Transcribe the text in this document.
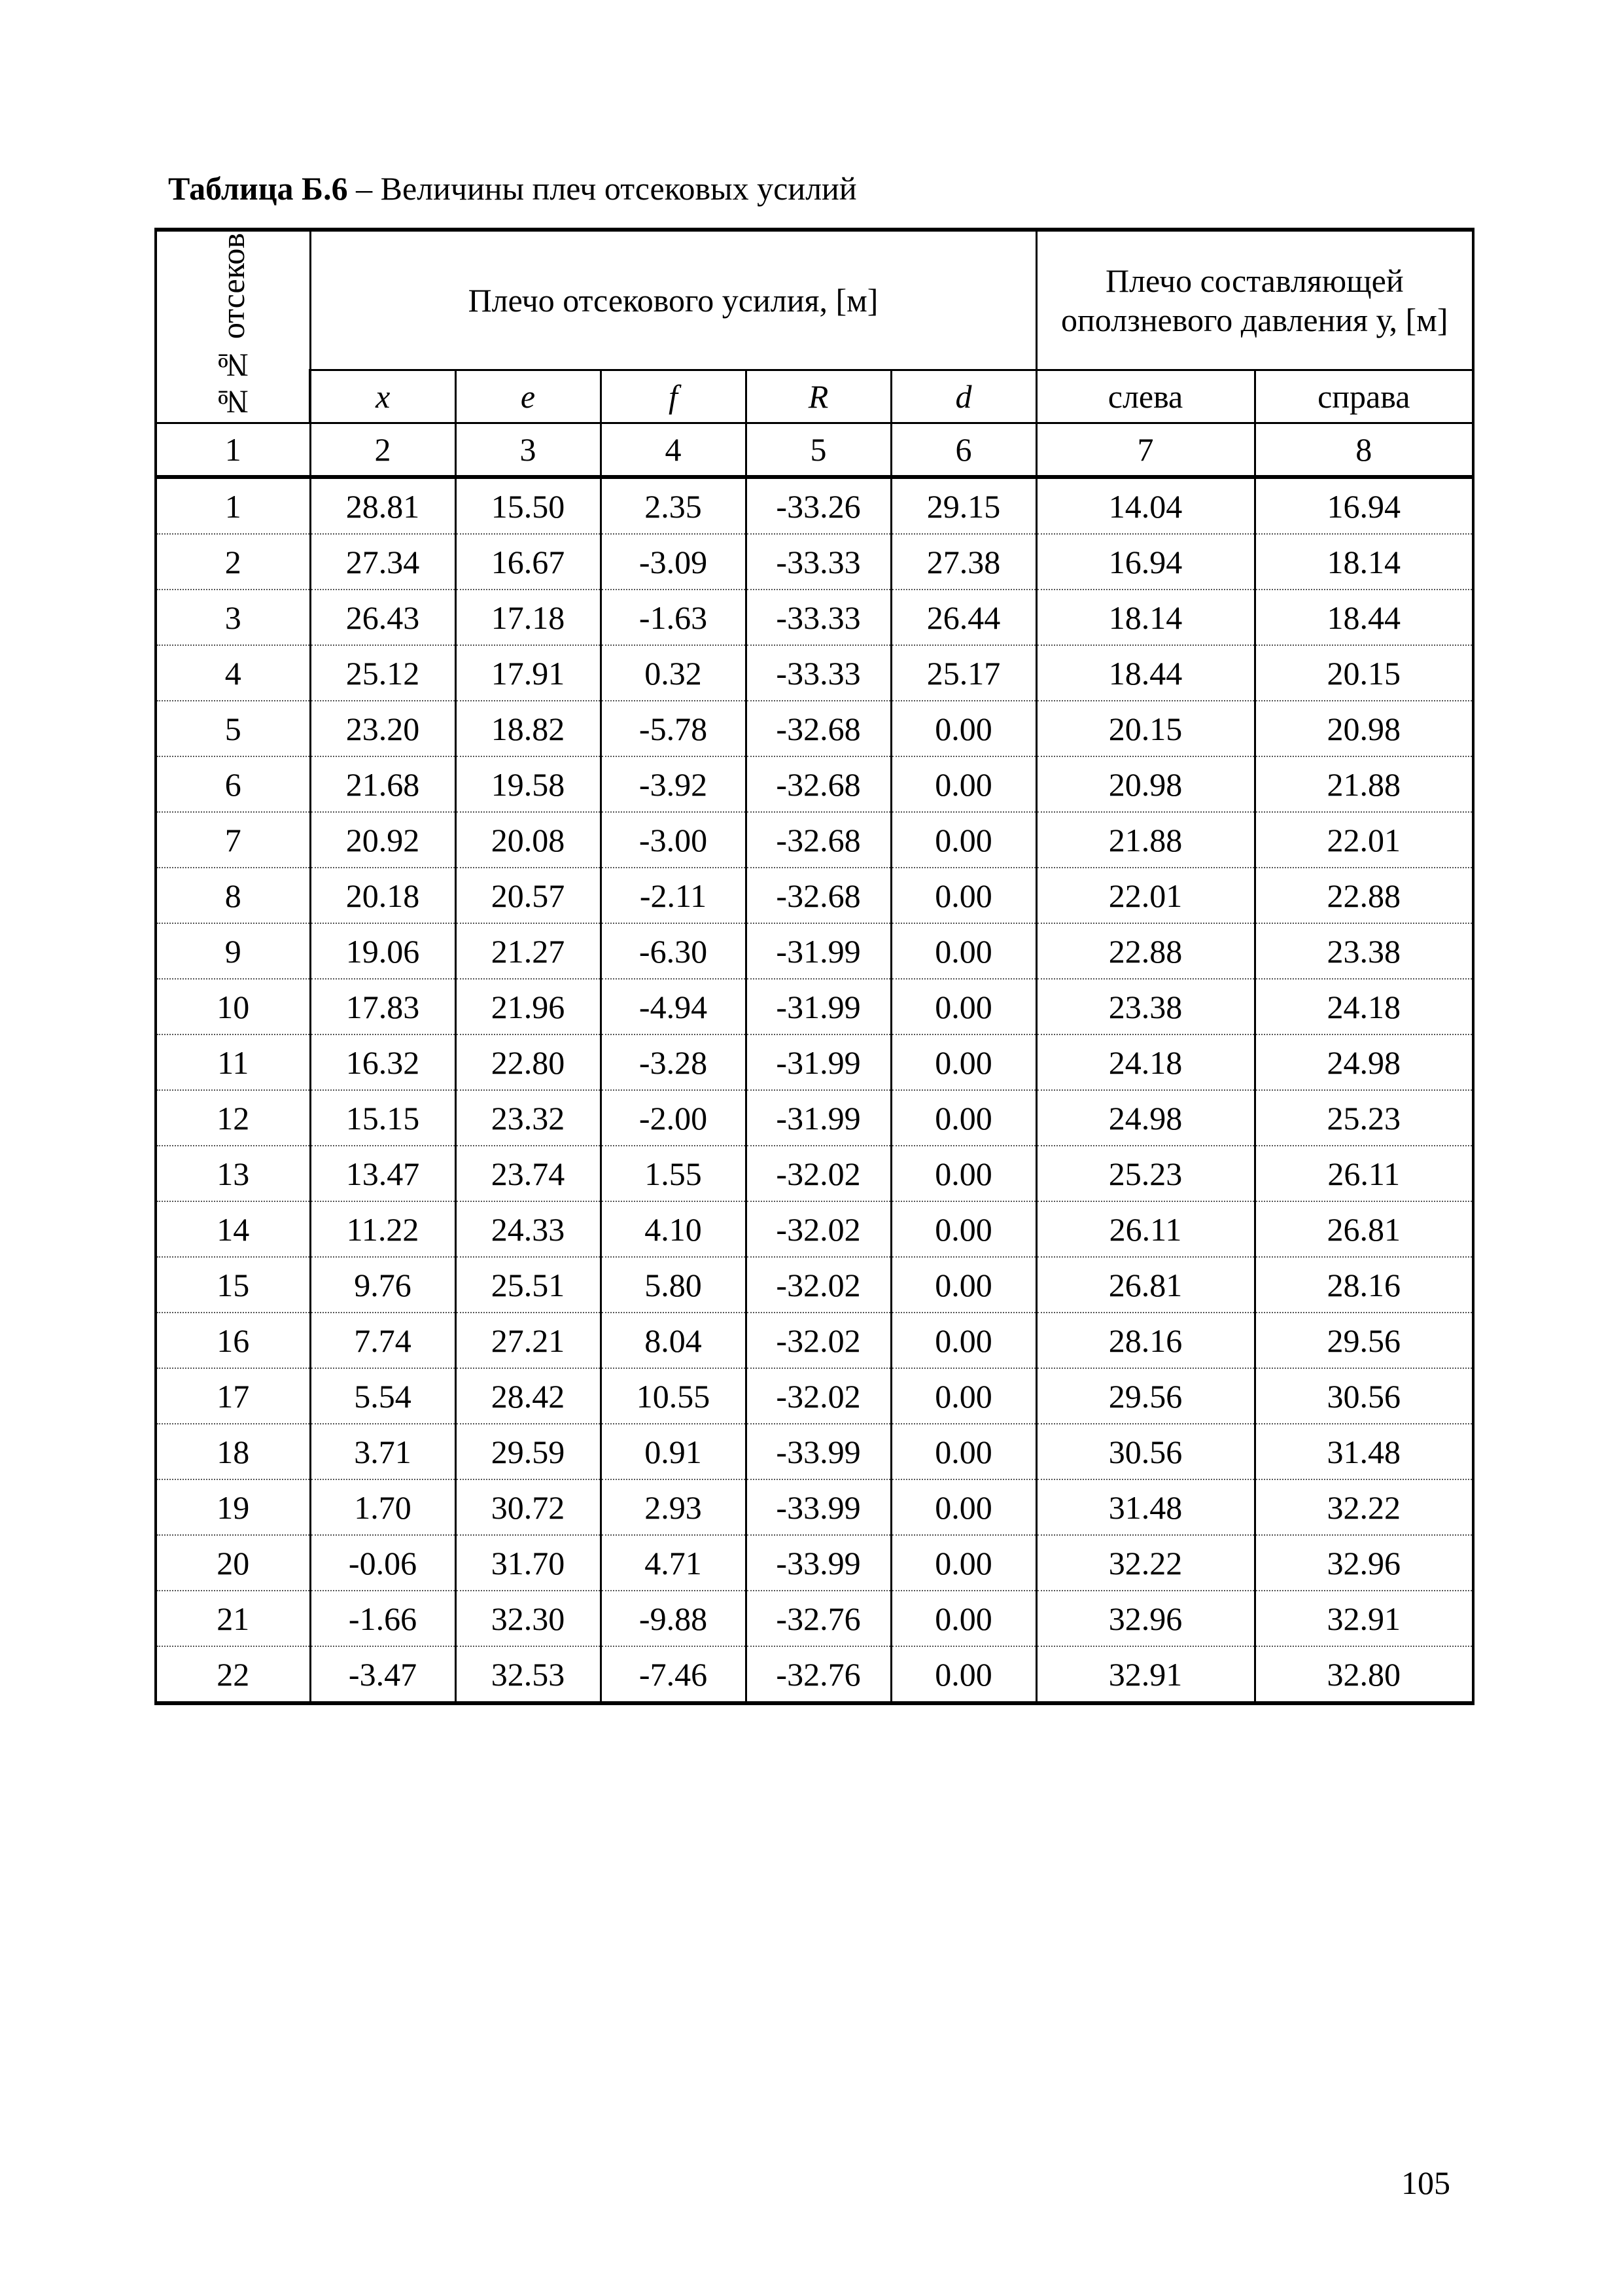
Таблица Б.6 – Величины плеч отсековых усилий
№№ отсеков	Плечо отсекового усилия, [м]					Плечо составляющей оползневого давления у, [м]	
	x	e	f	R	d	слева	справа
1	2	3	4	5	6	7	8
1	28.81	15.50	2.35	-33.26	29.15	14.04	16.94
2	27.34	16.67	-3.09	-33.33	27.38	16.94	18.14
3	26.43	17.18	-1.63	-33.33	26.44	18.14	18.44
4	25.12	17.91	0.32	-33.33	25.17	18.44	20.15
5	23.20	18.82	-5.78	-32.68	0.00	20.15	20.98
6	21.68	19.58	-3.92	-32.68	0.00	20.98	21.88
7	20.92	20.08	-3.00	-32.68	0.00	21.88	22.01
8	20.18	20.57	-2.11	-32.68	0.00	22.01	22.88
9	19.06	21.27	-6.30	-31.99	0.00	22.88	23.38
10	17.83	21.96	-4.94	-31.99	0.00	23.38	24.18
11	16.32	22.80	-3.28	-31.99	0.00	24.18	24.98
12	15.15	23.32	-2.00	-31.99	0.00	24.98	25.23
13	13.47	23.74	1.55	-32.02	0.00	25.23	26.11
14	11.22	24.33	4.10	-32.02	0.00	26.11	26.81
15	9.76	25.51	5.80	-32.02	0.00	26.81	28.16
16	7.74	27.21	8.04	-32.02	0.00	28.16	29.56
17	5.54	28.42	10.55	-32.02	0.00	29.56	30.56
18	3.71	29.59	0.91	-33.99	0.00	30.56	31.48
19	1.70	30.72	2.93	-33.99	0.00	31.48	32.22
20	-0.06	31.70	4.71	-33.99	0.00	32.22	32.96
21	-1.66	32.30	-9.88	-32.76	0.00	32.96	32.91
22	-3.47	32.53	-7.46	-32.76	0.00	32.91	32.80
105
